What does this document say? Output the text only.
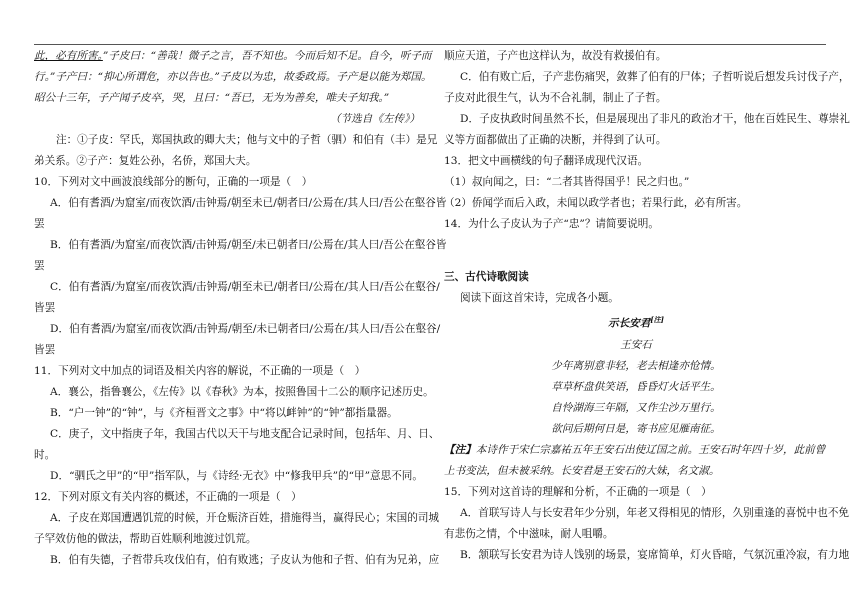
此，必有所害。”子皮曰：“善哉！微子之言，吾不知也。今而后知不足。自今，听子而

行。”子产曰：“抑心所谓危，亦以告也。”子皮以为忠，故委政焉。子产是以能为郑国。

昭公十三年，子产闻子皮卒，哭，且曰：“吾已，无为为善矣，唯夫子知我。”

（节选自《左传》）

注：①子皮：罕氏，郑国执政的卿大夫；他与文中的子哲（驷）和伯有（丰）是兄

弟关系。②子产：复姓公孙，名侨，郑国大夫。

10．下列对文中画波浪线部分的断句，正确的一项是（　）

A．伯有耆酒/为窟室/而夜饮酒/击钟焉/朝至未已/朝者曰/公焉在/其人曰/吾公在壑谷皆

罢

B．伯有耆酒/为窟室/而夜饮酒/击钟焉/朝至/未已朝者曰/公焉在/其人曰/吾公在壑谷皆

罢

C．伯有耆酒/为窟室/而夜饮酒/击钟焉/朝至未已/朝者曰/公焉在/其人曰/吾公在壑谷/

皆罢

D．伯有耆酒/为窟室/而夜饮酒/击钟焉/朝至/未已朝者曰/公焉在/其人曰/吾公在壑谷/

皆罢

11．下列对文中加点的词语及相关内容的解说，不正确的一项是（　）

A．襄公，指鲁襄公，《左传》以《春秋》为本，按照鲁国十二公的顺序记述历史。

B．“户一钟”的“钟”，与《齐桓晋文之事》中“将以衅钟”的“钟”都指量器。

C．庚子，文中指庚子年，我国古代以天干与地支配合记录时间，包括年、月、日、

时。

D．“驷氏之甲”的“甲”指军队，与《诗经·无衣》中“修我甲兵”的“甲”意思不同。

12．下列对原文有关内容的概述，不正确的一项是（　）

A．子皮在郑国遭遇饥荒的时候，开仓赈济百姓，措施得当，赢得民心；宋国的司城

子罕效仿他的做法，帮助百姓顺利地渡过饥荒。

B．伯有失德，子哲带兵攻伐伯有，伯有败逃；子皮认为他和子哲、伯有为兄弟，应

顺应天道，子产也这样认为，故没有救援伯有。

C．伯有败亡后，子产悲伤痛哭，敛葬了伯有的尸体；子哲听说后想发兵讨伐子产，

子皮对此很生气，认为不合礼制，制止了子哲。

D．子皮执政时间虽然不长，但是展现出了非凡的政治才干，他在百姓民生、尊崇礼

义等方面都做出了正确的决断，并得到了认可。

13．把文中画横线的句子翻译成现代汉语。

（1）叔向闻之，曰：“二者其皆得国乎！民之归也。”

（2）侨闻学而后入政，未闻以政学者也；若果行此，必有所害。

14．为什么子皮认为子产“忠”？请简要说明。

三、古代诗歌阅读

阅读下面这首宋诗，完成各小题。

示长安君[注]

王安石

少年离别意非轻，老去相逢亦怆情。

草草杯盘供笑语，昏昏灯火话平生。

自怜湖海三年隔，又作尘沙万里行。

欲问后期何日是，寄书应见雁南征。

【注】本诗作于宋仁宗嘉祐五年王安石出使辽国之前。王安石时年四十岁，此前曾

上书变法，但未被采纳。长安君是王安石的大妹，名文淑。

15．下列对这首诗的理解和分析，不正确的一项是（　）

A．首联写诗人与长安君年少分别，年老又得相见的情形，久别重逢的喜悦中也不免

有悲伤之情，个中滋味，耐人咀嚼。

B．颔联写长安君为诗人饯别的场景，宴席简单，灯火昏暗，气氛沉重冷寂，有力地
